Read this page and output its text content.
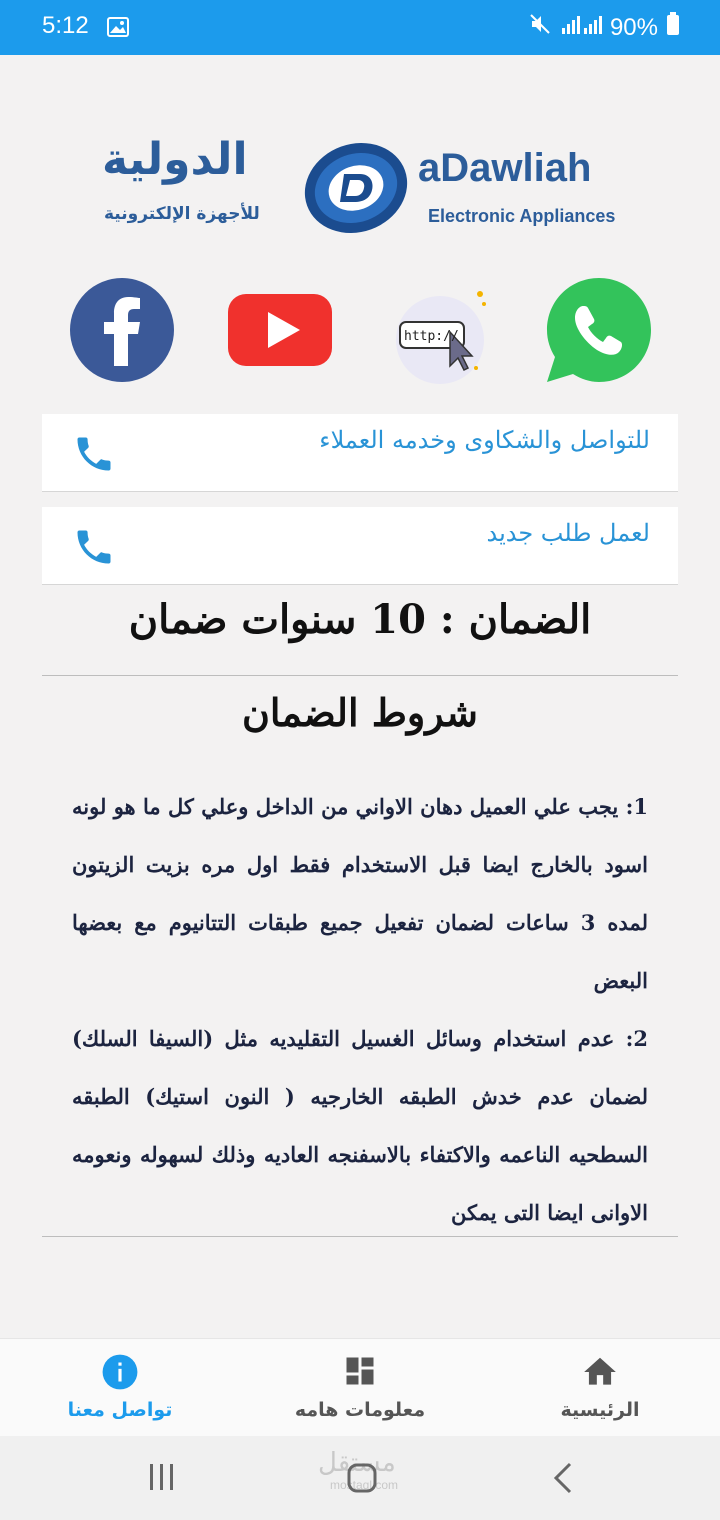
5:12	90%
الدولية
للأجهزة الإلكترونية
aDawliah
Electronic Appliances
http://
للتواصل والشكاوى وخدمه العملاء
لعمل طلب جديد
الضمان : 10 سنوات ضمان
شروط الضمان

1: يجب علي العميل دهان الاواني من الداخل وعلي كل ما هو لونه اسود بالخارج ايضا قبل الاستخدام فقط اول مره بزيت الزيتون لمده 3 ساعات لضمان تفعيل جميع طبقات التتانيوم مع بعضها البعض

2: عدم استخدام وسائل الغسيل التقليديه مثل (السيفا السلك) لضمان عدم خدش الطبقه الخارجيه ( النون استيك) الطبقه السطحيه الناعمه والاكتفاء بالاسفنجه العاديه وذلك لسهوله ونعومه الاوانى ايضا التى يمكن

تواصل معنا	معلومات هامه	الرئيسية
مستقل
mostaql.com
